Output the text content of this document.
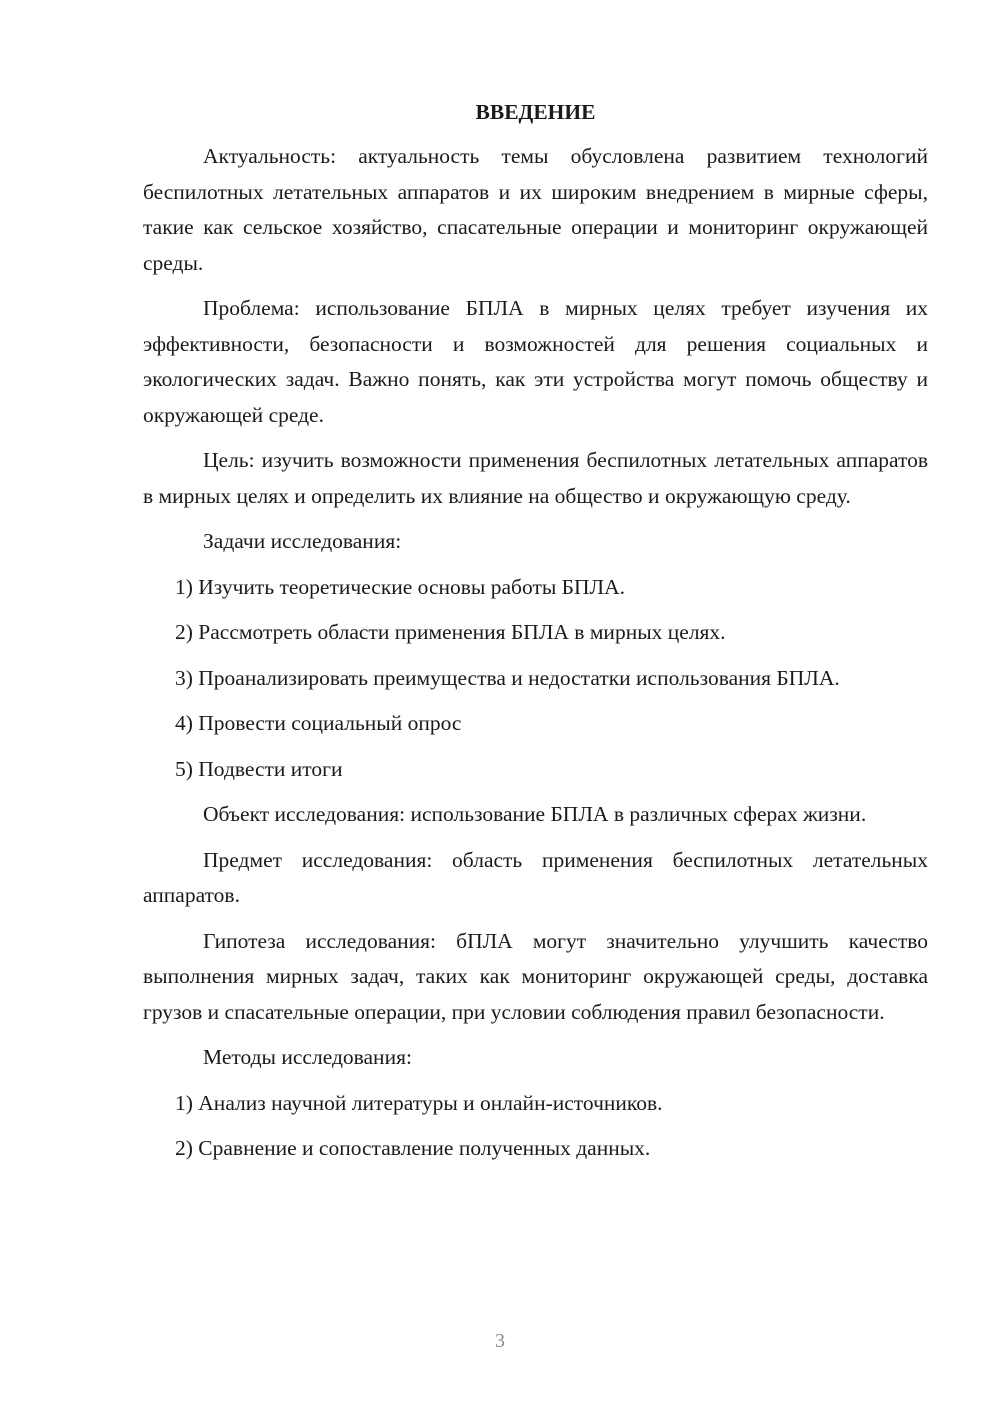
ВВЕДЕНИЕ

Актуальность: актуальность темы обусловлена развитием технологий беспилотных летательных аппаратов и их широким внедрением в мирные сферы, такие как сельское хозяйство, спасательные операции и мониторинг окружающей среды.

Проблема: использование БПЛА в мирных целях требует изучения их эффективности, безопасности и возможностей для решения социальных и экологических задач. Важно понять, как эти устройства могут помочь обществу и окружающей среде.

Цель: изучить возможности применения беспилотных летательных аппаратов в мирных целях и определить их влияние на общество и окружающую среду.

Задачи исследования:

1) Изучить теоретические основы работы БПЛА.

2) Рассмотреть области применения БПЛА в мирных целях.

3) Проанализировать преимущества и недостатки использования БПЛА.

4) Провести социальный опрос

5) Подвести итоги

Объект исследования: использование БПЛА в различных сферах жизни.

Предмет исследования: область применения беспилотных летательных аппаратов.

Гипотеза исследования: бПЛА могут значительно улучшить качество выполнения мирных задач, таких как мониторинг окружающей среды, доставка грузов и спасательные операции, при условии соблюдения правил безопасности.

Методы исследования:

1) Анализ научной литературы и онлайн-источников.

2) Сравнение и сопоставление полученных данных.

3
